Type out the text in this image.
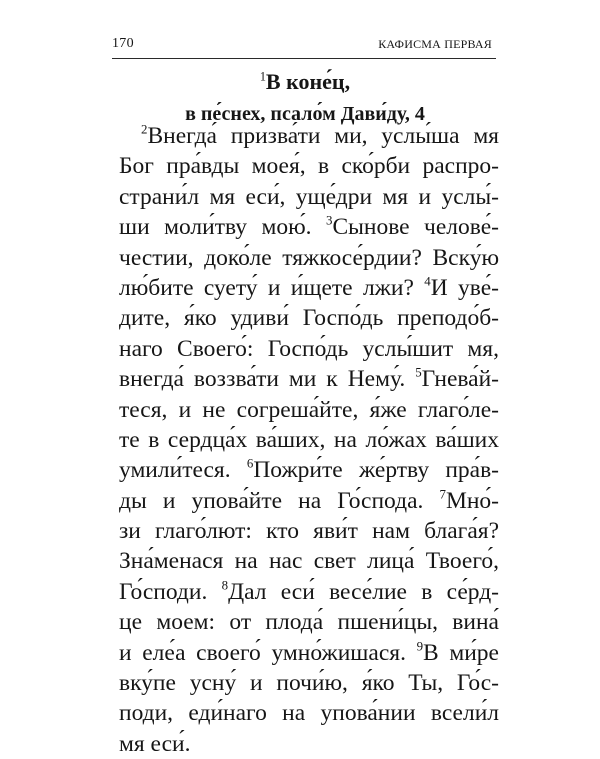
170	КАФИСМА ПЕРВАЯ
$^1$В коне́ц,
в пе́снех, псало́м Дави́ду, 4
$^2$Внегда́ призва́ти ми, услы́ша мя
Бог пра́вды моея́, в ско́рби распро-
страни́л мя еси́, уще́дри мя и услы́-
ши моли́тву мою́. $^3$Сынове челове́-
честии, доко́ле тяжкосе́рдии? Вску́ю
лю́бите суету́ и и́щете лжи? $^4$И уве́-
дите, я́ко удиви́ Госпо́дь преподо́б-
наго Своего́: Госпо́дь услы́шит мя,
внегда́ воззва́ти ми к Нему́. $^5$Гнева́й-
теся, и не согреша́йте, я́же глаго́ле-
те в сердца́х ва́ших, на ло́жах ва́ших
умили́теся. $^6$Пожри́те же́ртву пра́в-
ды и упова́йте на Го́спода. $^7$Мно́-
зи глаго́лют: кто яви́т нам блага́я?
Зна́менася на нас свет лица́ Твоего́,
Го́споди. $^8$Дал еси́ весе́лие в се́рд-
це моем: от плода́ пшени́цы, вина́
и еле́а своего́ умно́жишася. $^9$В ми́ре
вку́пе усну́ и почи́ю, я́ко Ты, Го́с-
поди, еди́наго на упова́нии всели́л
мя еси́.
